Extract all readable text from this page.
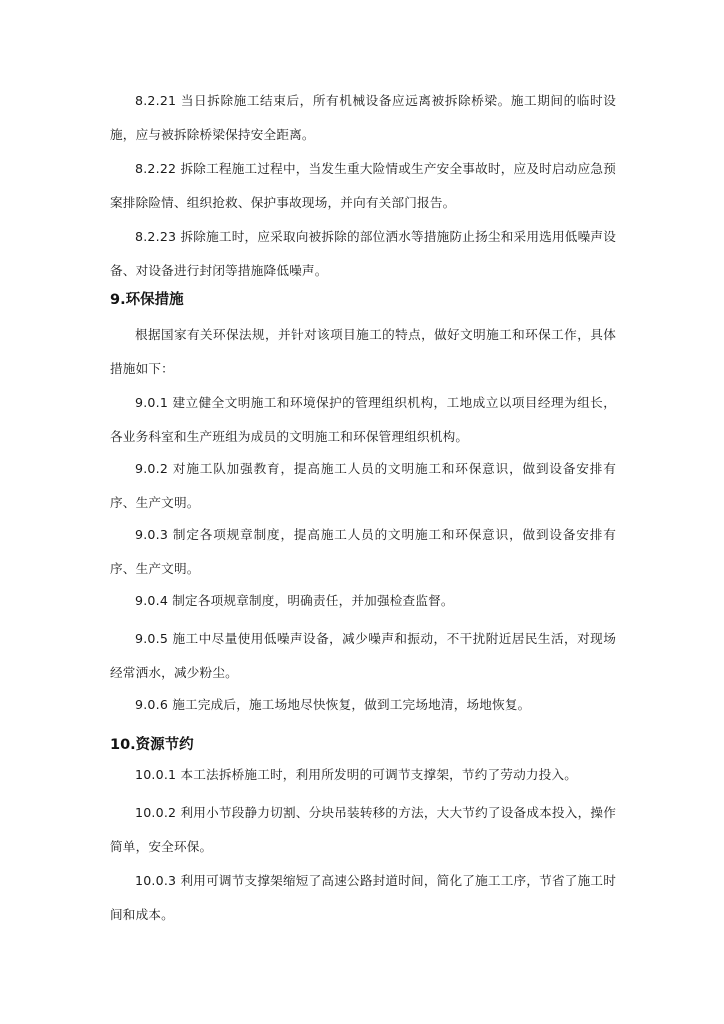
8.2.21 当日拆除施工结束后，所有机械设备应远离被拆除桥梁。施工期间的临时设施，应与被拆除桥梁保持安全距离。

8.2.22 拆除工程施工过程中，当发生重大险情或生产安全事故时，应及时启动应急预案排除险情、组织抢救、保护事故现场，并向有关部门报告。

8.2.23 拆除施工时，应采取向被拆除的部位洒水等措施防止扬尘和采用选用低噪声设备、对设备进行封闭等措施降低噪声。

9.环保措施

根据国家有关环保法规，并针对该项目施工的特点，做好文明施工和环保工作，具体措施如下：

9.0.1 建立健全文明施工和环境保护的管理组织机构，工地成立以项目经理为组长，各业务科室和生产班组为成员的文明施工和环保管理组织机构。

9.0.2 对施工队加强教育，提高施工人员的文明施工和环保意识，做到设备安排有序、生产文明。

9.0.3 制定各项规章制度，提高施工人员的文明施工和环保意识，做到设备安排有序、生产文明。

9.0.4 制定各项规章制度，明确责任，并加强检查监督。

9.0.5 施工中尽量使用低噪声设备，减少噪声和振动，不干扰附近居民生活，对现场经常洒水，减少粉尘。

9.0.6 施工完成后，施工场地尽快恢复，做到工完场地清，场地恢复。

10.资源节约

10.0.1 本工法拆桥施工时，利用所发明的可调节支撑架，节约了劳动力投入。

10.0.2 利用小节段静力切割、分块吊装转移的方法，大大节约了设备成本投入，操作简单，安全环保。

10.0.3 利用可调节支撑架缩短了高速公路封道时间，简化了施工工序，节省了施工时间和成本。
